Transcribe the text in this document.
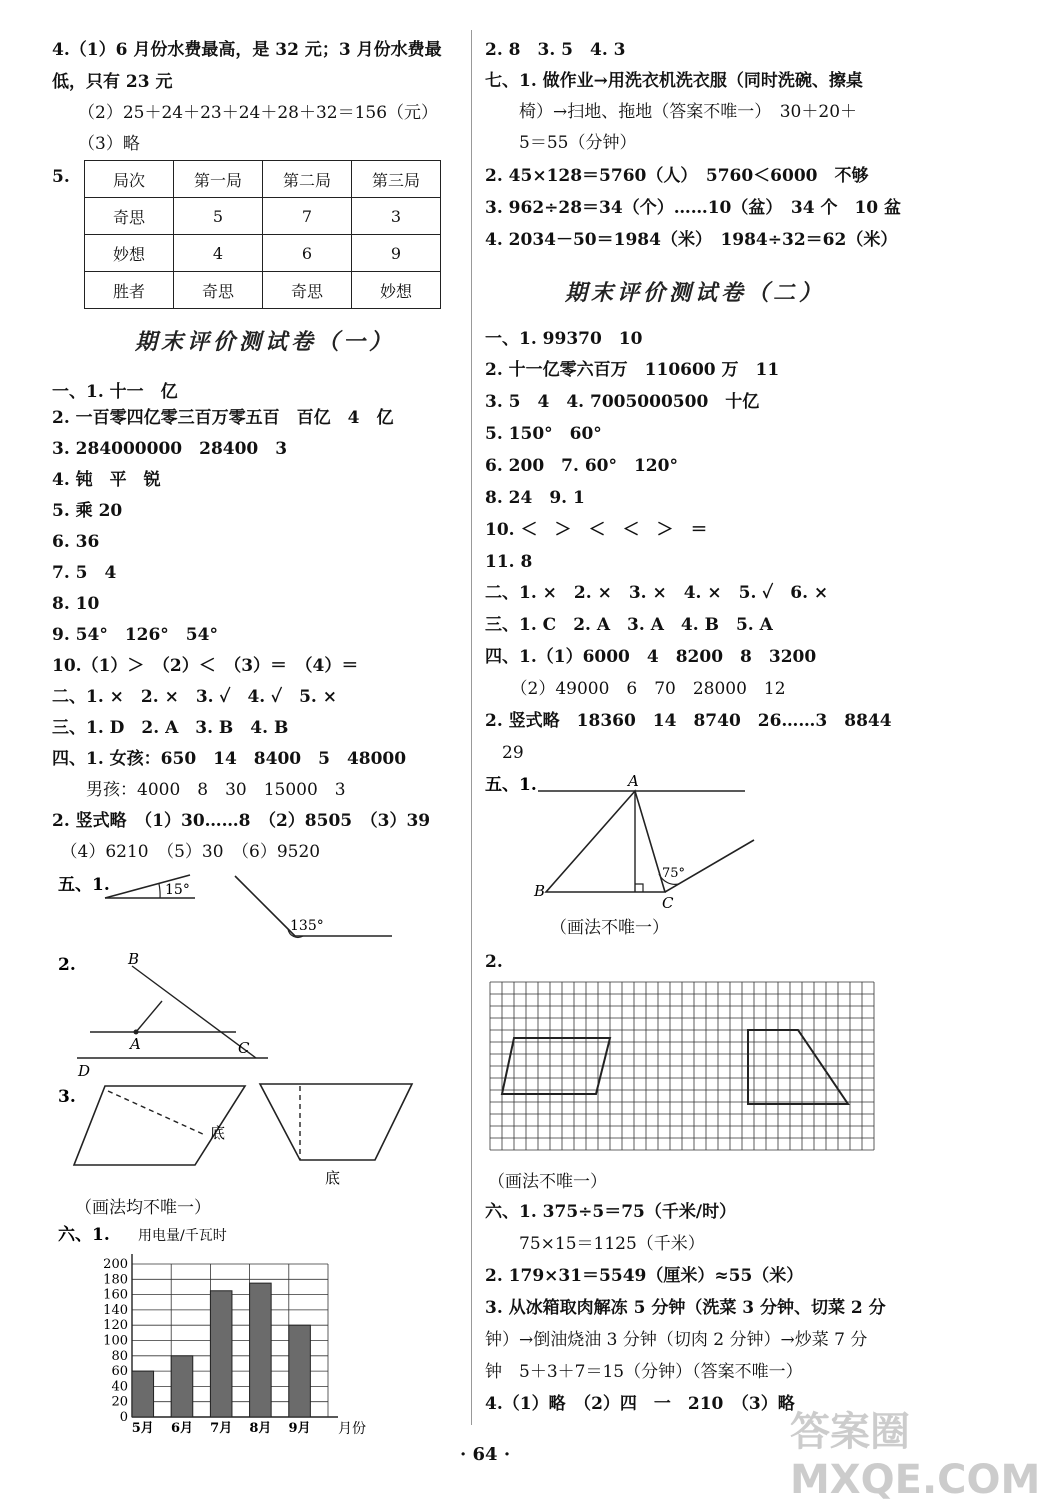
4.（1）6 月份水费最高，是 32 元；3 月份水费最
低，只有 23 元
（2）25＋24＋23＋24＋28＋32＝156（元）
（3）略
5.	局次	第一局	第二局	第三局
奇思	5	7	3
妙想	4	6	9
胜者	奇思	奇思	妙想
期末评价测试卷（一）
一、1. 十一　亿
2. 一百零四亿零三百万零五百　百亿　4　亿
3. 284000000　28400　3
4. 钝　平　锐
5. 乘 20
6. 36
7. 5　4
8. 10
9. 54°　126°　54°
10.（1）＞　（2）＜　（3）＝　（4）＝
二、1. ×　2. ×　3. ✓　4. ✓　5. ×
三、1. D　2. A　3. B　4. B
四、1. 女孩：650　14　8400　5　48000
　　男孩：4000　8　30　15000　3
2. 竖式略　（1）30……8　（2）8505　（3）39
　（4）6210　（5）30　（6）9520
五、1.	15°
135°
2.	B
A	C
D
3.
底
底
（画法均不唯一）
六、1. 用电量/千瓦时
月份
0
20
40
60
80
100
120
140
160
180
200
5月 6月 7月 8月 9月
2. 8　3. 5　4. 3
七、1. 做作业→用洗衣机洗衣服（同时洗碗、擦桌
　　椅）→扫地、拖地（答案不唯一）　30＋20＋
　　5＝55（分钟）
2. 45×128＝5760（人）　5760＜6000　不够
3. 962÷28＝34（个）……10（盆）　34 个　10 盆
4. 2034－50＝1984（米）　1984÷32＝62（米）
期末评价测试卷（二）
一、1. 99370　10
2. 十一亿零六百万　110600 万　11
3. 5　4　4. 7005000500　十亿
5. 150°　60°
6. 200　7. 60°　120°
8. 24　9. 1
10. ＜　＞　＜　＜　＞　＝
11. 8
二、1. ×　2. ×　3. ×　4. ×　5. ✓　6. ×
三、1. C　2. A　3. A　4. B　5. A
四、1.（1）6000　4　8200　8　3200
　　（2）49000　6　70　28000　12
2. 竖式略　18360　14　8740　26……3　8844
　29
五、1.	A
B
C
75°
（画法不唯一）
2.
（画法不唯一）
六、1. 375÷5＝75（千米/时）
　　75×15＝1125（千米）
2. 179×31＝5549（厘米）≈55（米）
3. 从冰箱取肉解冻 5 分钟（洗菜 3 分钟、切菜 2 分
钟）→倒油烧油 3 分钟（切肉 2 分钟）→炒菜 7 分
钟　5＋3＋7＝15（分钟）（答案不唯一）
4.（1）略　（2）四　一　210　（3）略
· 64 ·	答案圈 MXQE.COM
